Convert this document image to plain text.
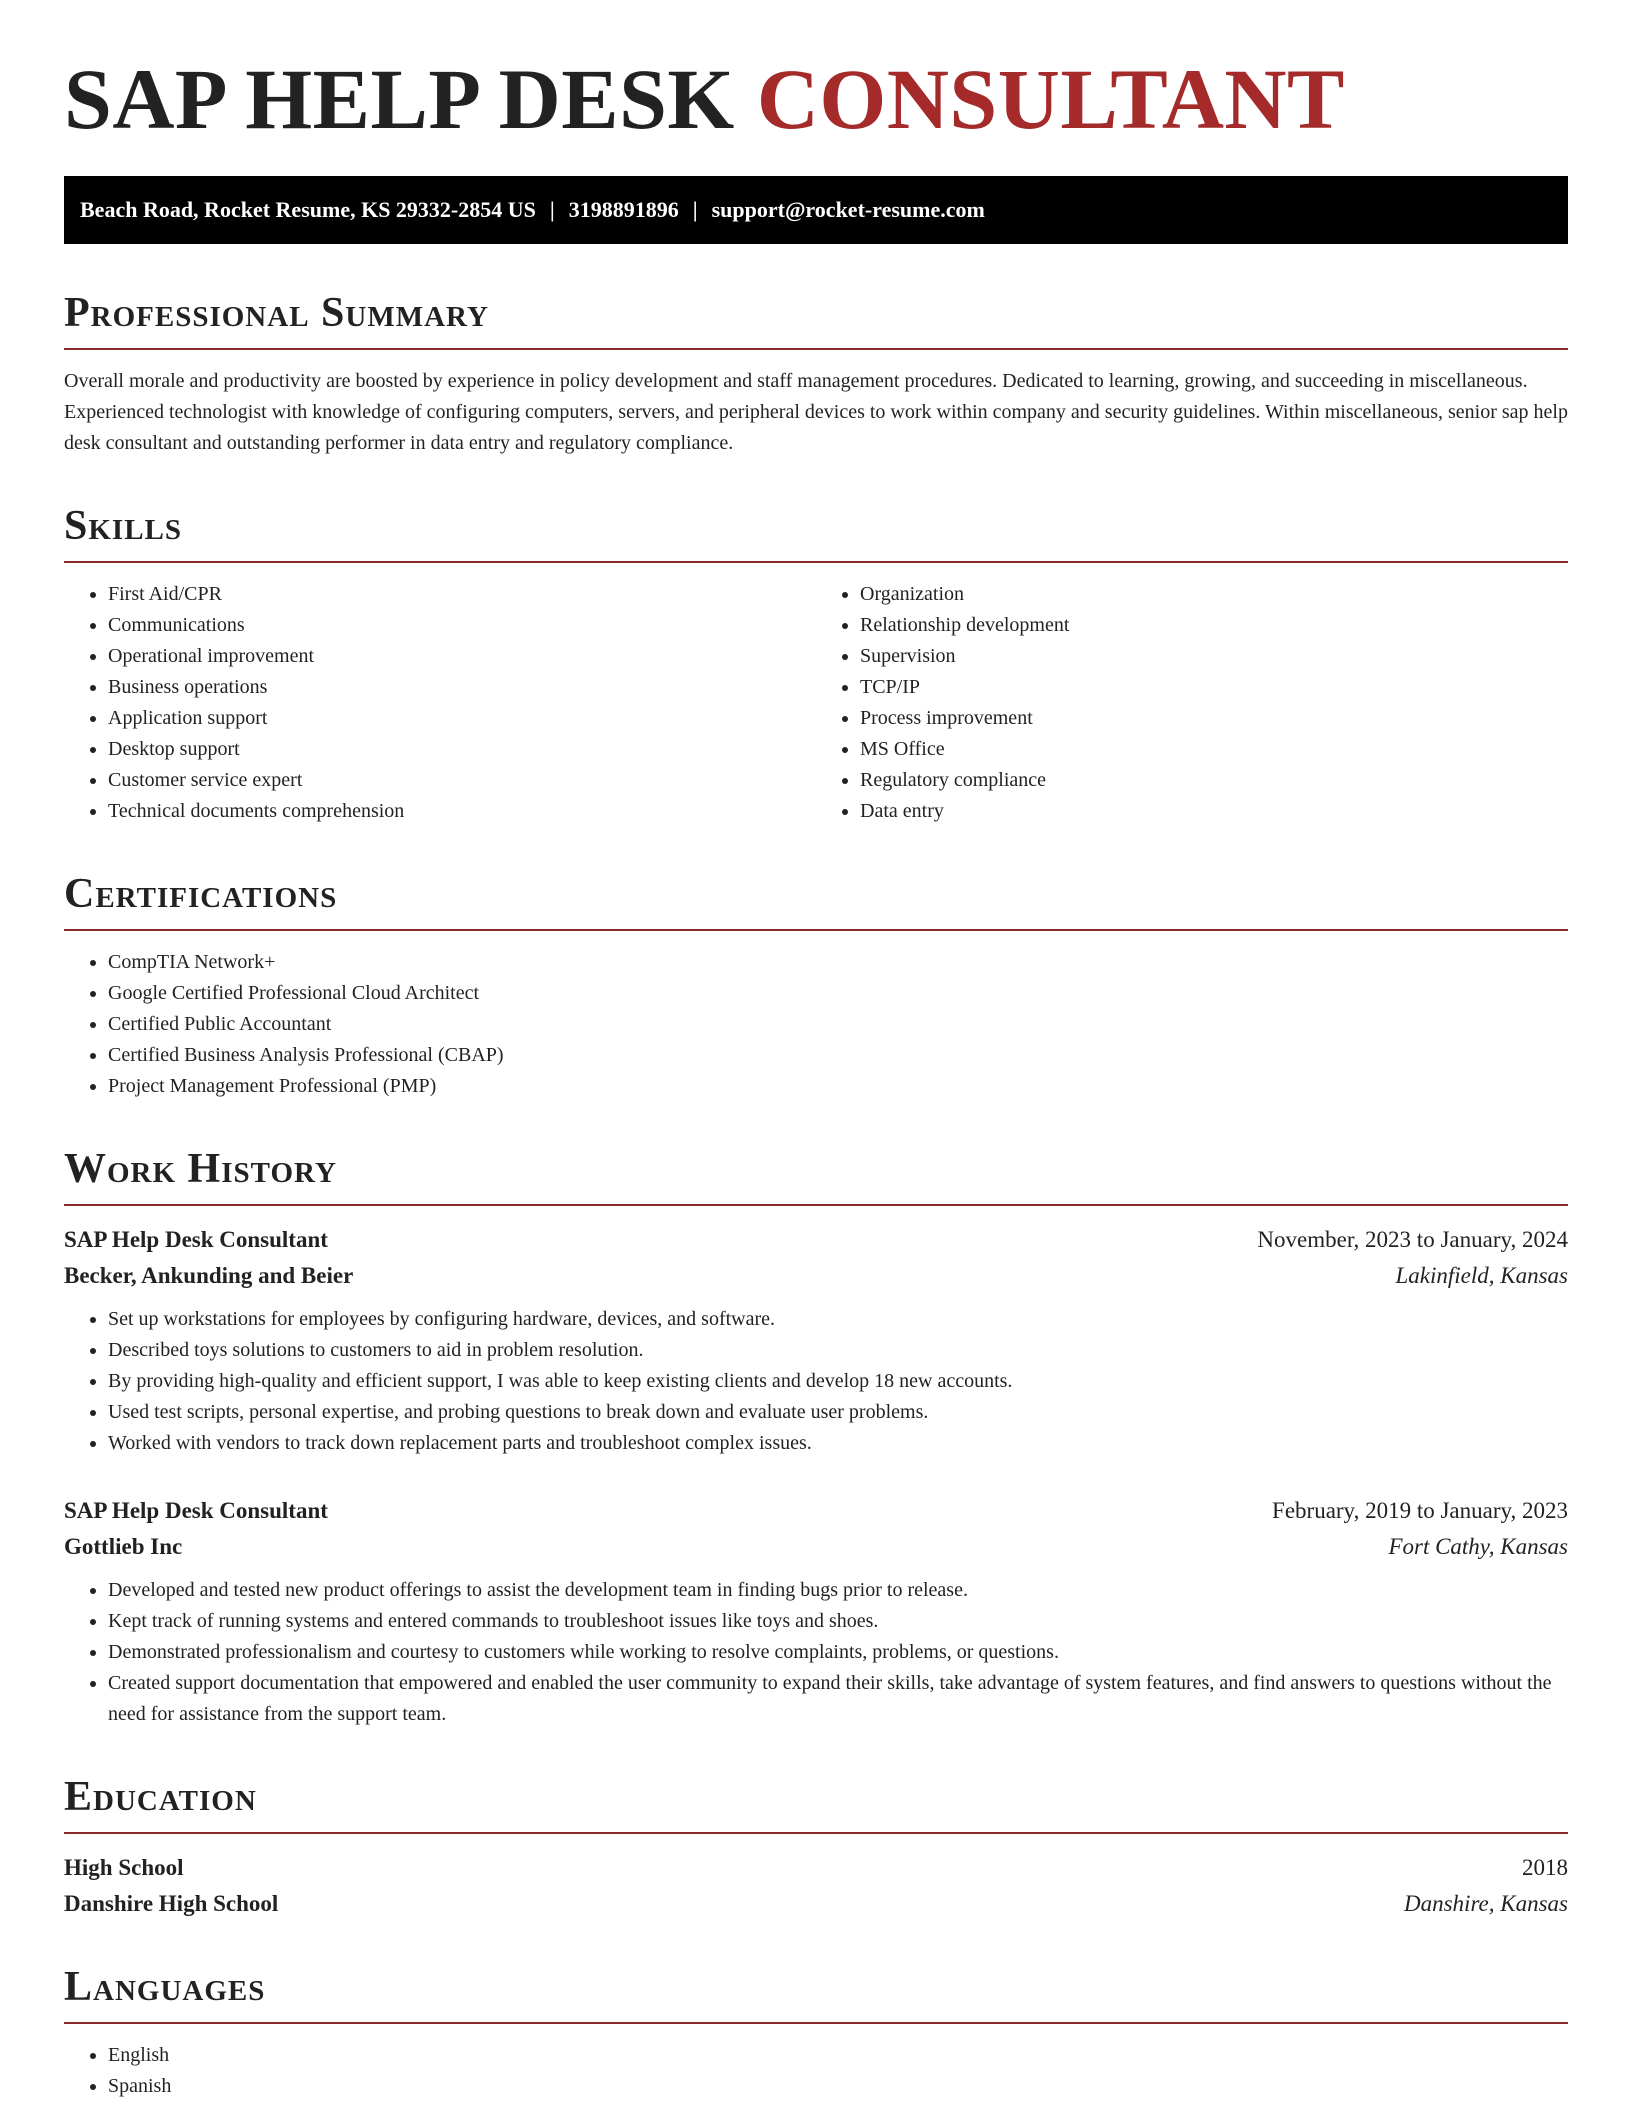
SAP HELP DESK CONSULTANT
Beach Road, Rocket Resume, KS 29332-2854 US | 3198891896 | support@rocket-resume.com
Professional Summary

Overall morale and productivity are boosted by experience in policy development and staff management procedures. Dedicated to learning, growing, and succeeding in miscellaneous. Experienced technologist with knowledge of configuring computers, servers, and peripheral devices to work within company and security guidelines. Within miscellaneous, senior sap help desk consultant and outstanding performer in data entry and regulatory compliance.

Skills
• First Aid/CPR
• Communications
• Operational improvement
• Business operations
• Application support
• Desktop support
• Customer service expert
• Technical documents comprehension
• Organization
• Relationship development
• Supervision
• TCP/IP
• Process improvement
• MS Office
• Regulatory compliance
• Data entry
Certifications
• CompTIA Network+
• Google Certified Professional Cloud Architect
• Certified Public Accountant
• Certified Business Analysis Professional (CBAP)
• Project Management Professional (PMP)
Work History
SAP Help Desk Consultant	November, 2023 to January, 2024
Becker, Ankunding and Beier	Lakinfield, Kansas
• Set up workstations for employees by configuring hardware, devices, and software.
• Described toys solutions to customers to aid in problem resolution.
• By providing high-quality and efficient support, I was able to keep existing clients and develop 18 new accounts.
• Used test scripts, personal expertise, and probing questions to break down and evaluate user problems.
• Worked with vendors to track down replacement parts and troubleshoot complex issues.
SAP Help Desk Consultant	February, 2019 to January, 2023
Gottlieb Inc	Fort Cathy, Kansas
• Developed and tested new product offerings to assist the development team in finding bugs prior to release.
• Kept track of running systems and entered commands to troubleshoot issues like toys and shoes.
• Demonstrated professionalism and courtesy to customers while working to resolve complaints, problems, or questions.
• Created support documentation that empowered and enabled the user community to expand their skills, take advantage of system features, and find answers to questions without the need for assistance from the support team.
Education
High School	2018
Danshire High School	Danshire, Kansas
Languages
• English
• Spanish
